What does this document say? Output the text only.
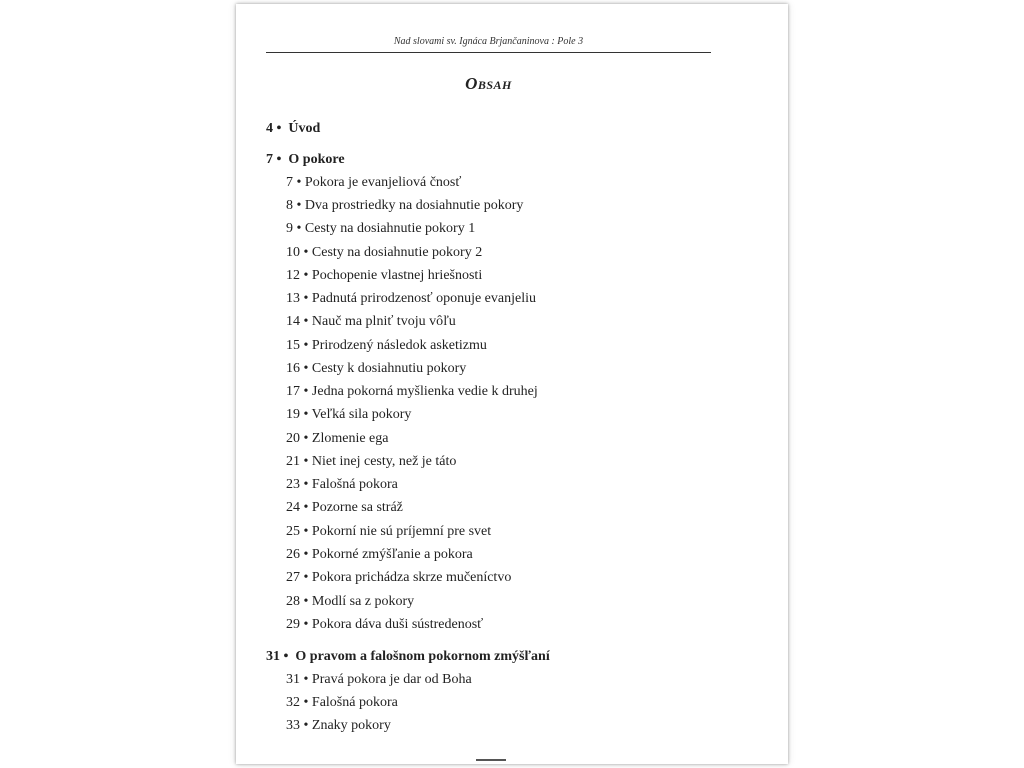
Nad slovami sv. Ignáca Brjančaninova : Pole 3
Obsah
4 • Úvod
7 • O pokore
7 • Pokora je evanjeliová čnosť
8 • Dva prostriedky na dosiahnutie pokory
9 • Cesty na dosiahnutie pokory 1
10 • Cesty na dosiahnutie pokory 2
12 • Pochopenie vlastnej hriešnosti
13 • Padnutá prirodzenosť oponuje evanjeliu
14 • Nauč ma plniť tvoju vôľu
15 • Prirodzený následok asketizmu
16 • Cesty k dosiahnutiu pokory
17 • Jedna pokorná myšlienka vedie k druhej
19 • Veľká sila pokory
20 • Zlomenie ega
21 • Niet inej cesty, než je táto
23 • Falošná pokora
24 • Pozorne sa stráž
25 • Pokorní nie sú príjemní pre svet
26 • Pokorné zmýšľanie a pokora
27 • Pokora prichádza skrze mučeníctvo
28 • Modlí sa z pokory
29 • Pokora dáva duši sústredenosť
31 • O pravom a falošnom pokornom zmýšľaní
31 • Pravá pokora je dar od Boha
32 • Falošná pokora
33 • Znaky pokory
